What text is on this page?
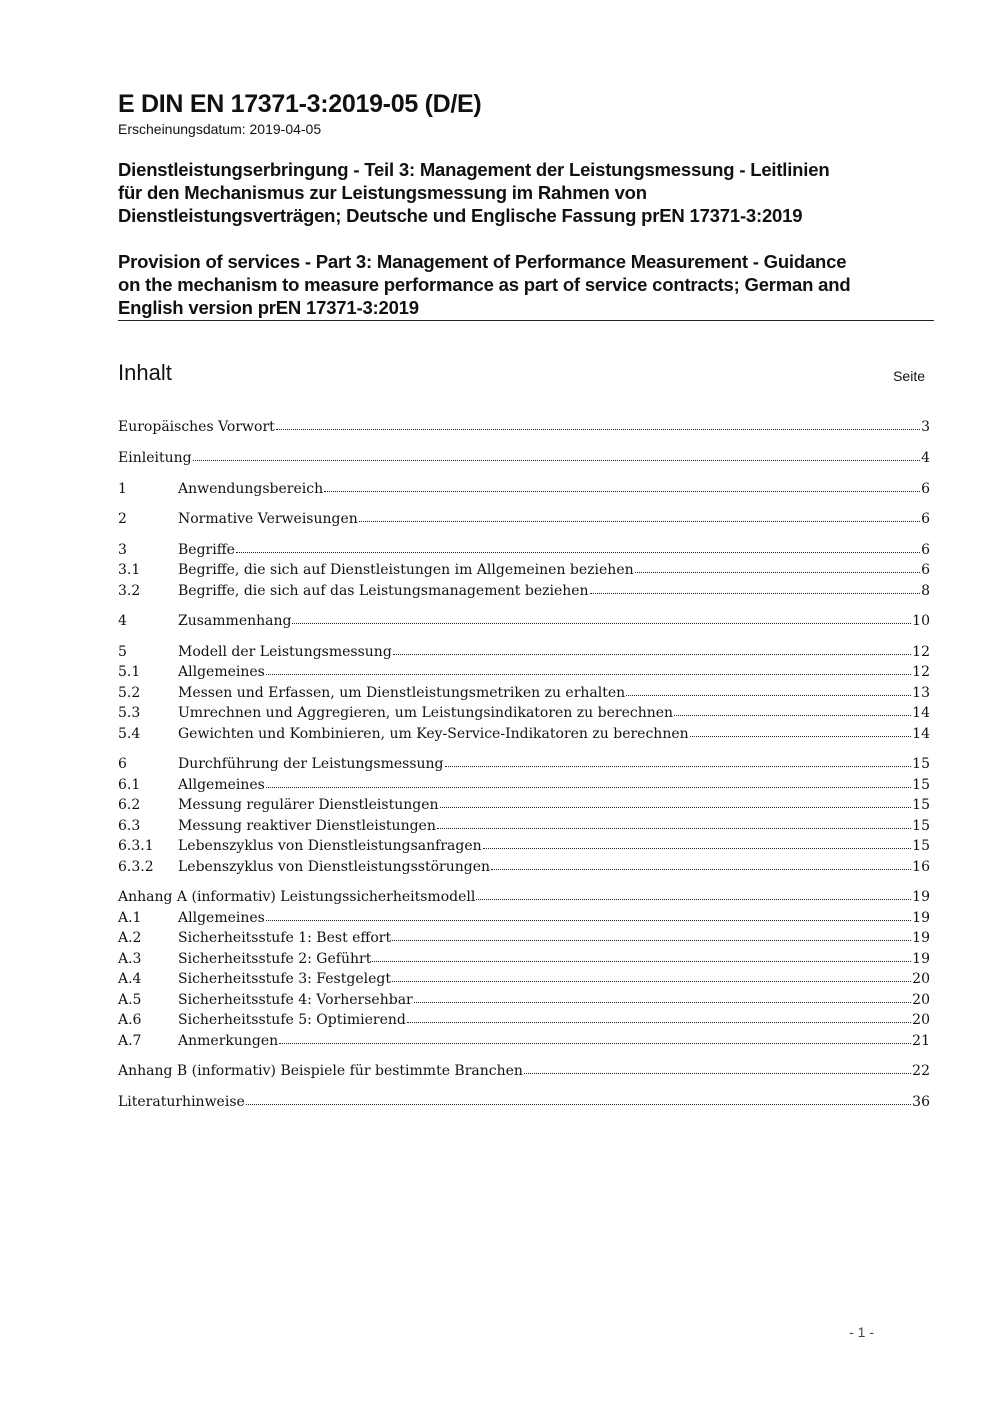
E DIN EN 17371-3:2019-05 (D/E)
Erscheinungsdatum: 2019-04-05
Dienstleistungserbringung - Teil 3: Management der Leistungsmessung - Leitlinien
für den Mechanismus zur Leistungsmessung im Rahmen von
Dienstleistungsverträgen; Deutsche und Englische Fassung prEN 17371-3:2019
Provision of services - Part 3: Management of Performance Measurement - Guidance
on the mechanism to measure performance as part of service contracts; German and
English version prEN 17371-3:2019
Inhalt	Seite
Europäisches Vorwort	3
Einleitung	4
1	Anwendungsbereich	6
2	Normative Verweisungen	6
3	Begriffe	6
3.1	Begriffe, die sich auf Dienstleistungen im Allgemeinen beziehen	6
3.2	Begriffe, die sich auf das Leistungsmanagement beziehen	8
4	Zusammenhang	10
5	Modell der Leistungsmessung	12
5.1	Allgemeines	12
5.2	Messen und Erfassen, um Dienstleistungsmetriken zu erhalten	13
5.3	Umrechnen und Aggregieren, um Leistungsindikatoren zu berechnen	14
5.4	Gewichten und Kombinieren, um Key-Service-Indikatoren zu berechnen	14
6	Durchführung der Leistungsmessung	15
6.1	Allgemeines	15
6.2	Messung regulärer Dienstleistungen	15
6.3	Messung reaktiver Dienstleistungen	15
6.3.1	Lebenszyklus von Dienstleistungsanfragen	15
6.3.2	Lebenszyklus von Dienstleistungsstörungen	16
Anhang A (informativ) Leistungssicherheitsmodell	19
A.1	Allgemeines	19
A.2	Sicherheitsstufe 1: Best effort	19
A.3	Sicherheitsstufe 2: Geführt	19
A.4	Sicherheitsstufe 3: Festgelegt	20
A.5	Sicherheitsstufe 4: Vorhersehbar	20
A.6	Sicherheitsstufe 5: Optimierend	20
A.7	Anmerkungen	21
Anhang B (informativ) Beispiele für bestimmte Branchen	22
Literaturhinweise	36
- 1 -
